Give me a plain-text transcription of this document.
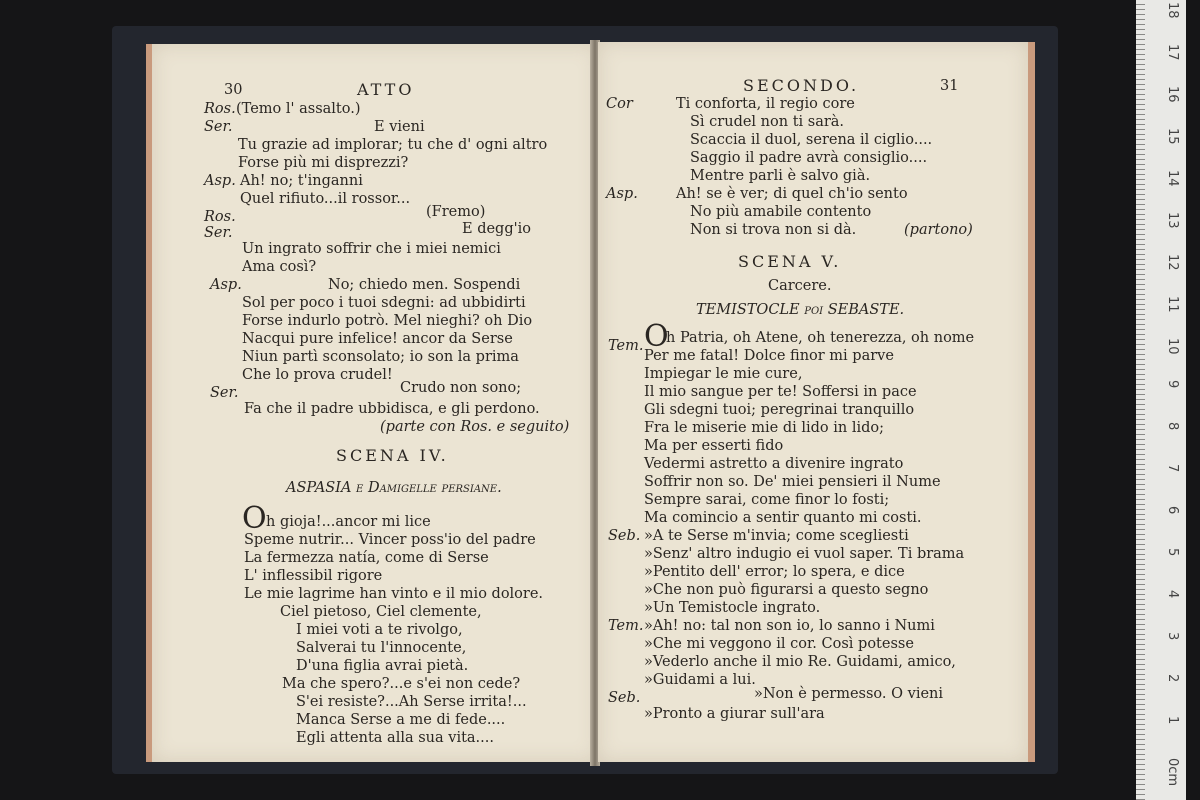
30	ATTO
Ros. (Temo l' assalto.)
Ser.	E vieni
Tu grazie ad implorar; tu che d' ogni altro
Forse più mi disprezzi?
Asp. Ah! no; t'inganni
Quel rifiuto...il rossor...
Ros.	(Fremo)
Ser.	E degg'io
Un ingrato soffrir che i miei nemici
Ama così?
Asp.	No; chiedo men. Sospendi
Sol per poco i tuoi sdegni: ad ubbidirti
Forse indurlo potrò. Mel nieghi? oh Dio
Nacqui pure infelice! ancor da Serse
Niun partì sconsolato; io son la prima
Che lo prova crudel!
Ser.	Crudo non sono;
Fa che il padre ubbidisca, e gli perdono.
(parte con Ros. e seguito)
SCENA IV.
ASPASIA e Damigelle persiane.
O h gioja!...ancor mi lice
Speme nutrir... Vincer poss'io del padre
La fermezza natía, come di Serse
L' inflessibil rigore
Le mie lagrime han vinto e il mio dolore.
Ciel pietoso, Ciel clemente,
I miei voti a te rivolgo,
Salverai tu l'innocente,
D'una figlia avrai pietà.
Ma che spero?...e s'ei non cede?
S'ei resiste?...Ah Serse irrita!...
Manca Serse a me di fede....
Egli attenta alla sua vita....
SECONDO.	31
Cor	Ti conforta, il regio core
Sì crudel non ti sarà.
Scaccia il duol, serena il ciglio....
Saggio il padre avrà consiglio....
Mentre parli è salvo già.
Asp.	Ah! se è ver; di quel ch'io sento
No più amabile contento
Non si trova non si dà.	(partono)
SCENA V.
Carcere.
TEMISTOCLE poi SEBASTE.
Tem. O
h Patria, oh Atene, oh tenerezza, oh nome
Per me fatal! Dolce finor mi parve
Impiegar le mie cure,
Il mio sangue per te! Soffersi in pace
Gli sdegni tuoi; peregrinai tranquillo
Fra le miserie mie di lido in lido;
Ma per esserti fido
Vedermi astretto a divenire ingrato
Soffrir non so. De' miei pensieri il Nume
Sempre sarai, come finor lo fosti;
Ma comincio a sentir quanto mi costi.
Seb. »A te Serse m'invia; come scegliesti
»Senz' altro indugio ei vuol saper. Ti brama
»Pentito dell' error; lo spera, e dice
»Che non può figurarsi a questo segno
»Un Temistocle ingrato.
Tem. »Ah! no: tal non son io, lo sanno i Numi
»Che mi veggono il cor. Così potesse
»Vederlo anche il mio Re. Guidami, amico,
»Guidami a lui.
Seb.	»Non è permesso. O vieni
»Pronto a giurar sull'ara
18
17
16
15
14
13
12
11
10
9
8
7
6
5
4
3
2
1
0cm
